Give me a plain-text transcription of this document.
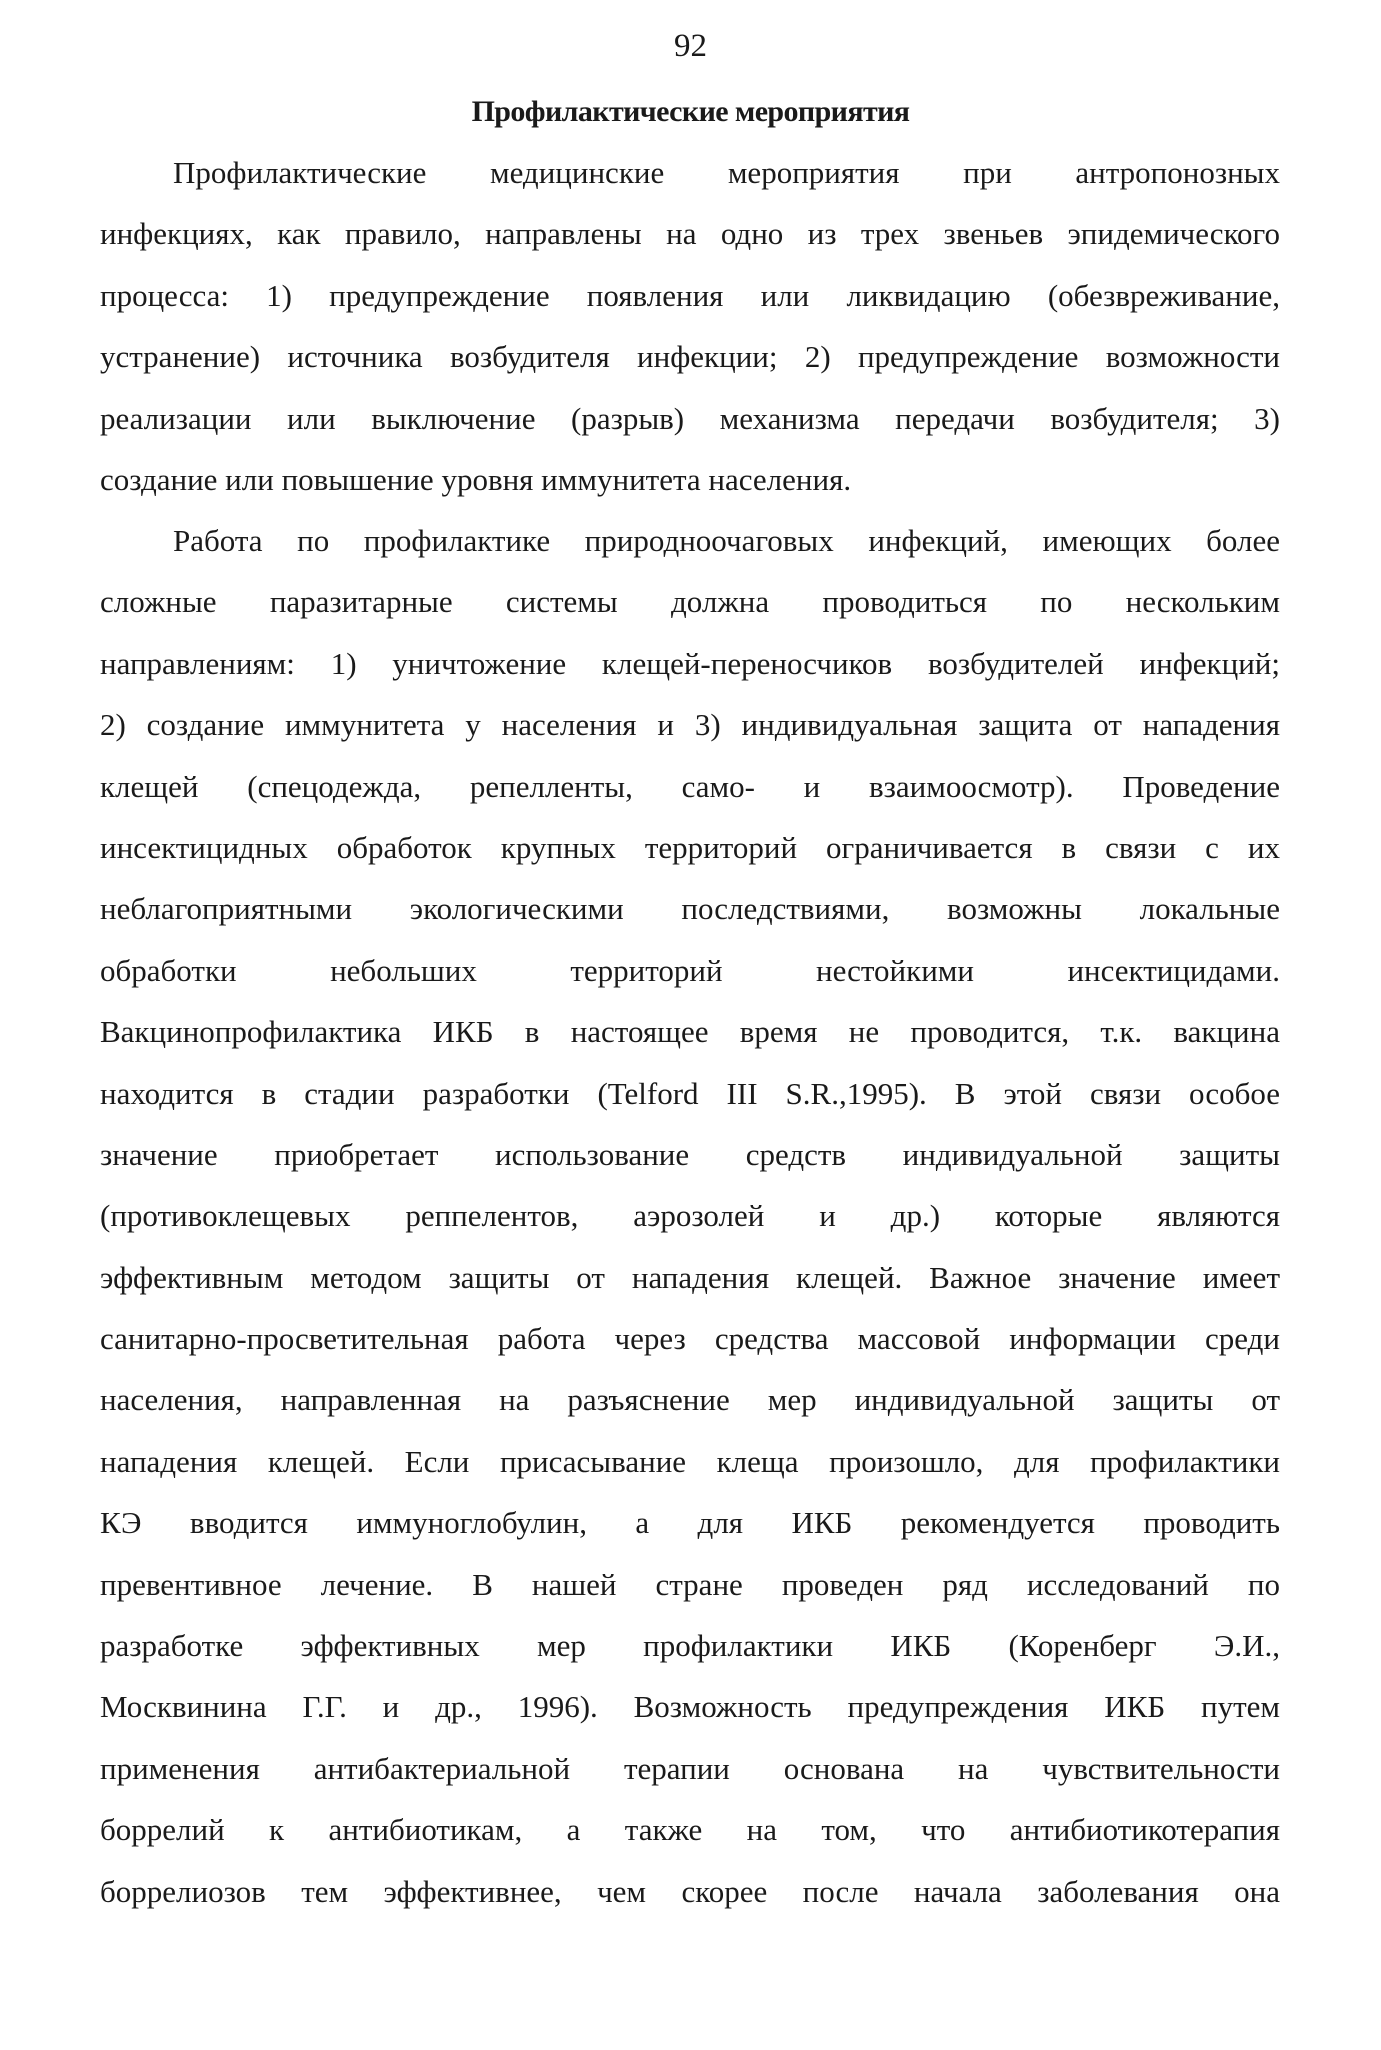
92
Профилактические мероприятия
Профилактические медицинские мероприятия при антропонозных
инфекциях, как правило, направлены на одно из трех звеньев эпидемического
процесса: 1) предупреждение появления или ликвидацию (обезвреживание,
устранение) источника возбудителя инфекции; 2) предупреждение возможности
реализации или выключение (разрыв) механизма передачи возбудителя; 3)
создание или повышение уровня иммунитета населения.
Работа по профилактике природноочаговых инфекций, имеющих более
сложные паразитарные системы должна проводиться по нескольким
направлениям: 1) уничтожение клещей-переносчиков возбудителей инфекций;
2) создание иммунитета у населения и 3) индивидуальная защита от нападения
клещей (спецодежда, репелленты, само- и взаимоосмотр). Проведение
инсектицидных обработок крупных территорий ограничивается в связи с их
неблагоприятными экологическими последствиями, возможны локальные
обработки небольших территорий нестойкими инсектицидами.
Вакцинопрофилактика ИКБ в настоящее время не проводится, т.к. вакцина
находится в стадии разработки (Telford III S.R.,1995). В этой связи особое
значение приобретает использование средств индивидуальной защиты
(противоклещевых реппелентов, аэрозолей и др.) которые являются
эффективным методом защиты от нападения клещей. Важное значение имеет
санитарно-просветительная работа через средства массовой информации среди
населения, направленная на разъяснение мер индивидуальной защиты от
нападения клещей. Если присасывание клеща произошло, для профилактики
КЭ вводится иммуноглобулин, а для ИКБ рекомендуется проводить
превентивное лечение. В нашей стране проведен ряд исследований по
разработке эффективных мер профилактики ИКБ (Коренберг Э.И.,
Москвинина Г.Г. и др., 1996). Возможность предупреждения ИКБ путем
применения антибактериальной терапии основана на чувствительности
боррелий к антибиотикам, а также на том, что антибиотикотерапия
боррелиозов тем эффективнее, чем скорее после начала заболевания она
